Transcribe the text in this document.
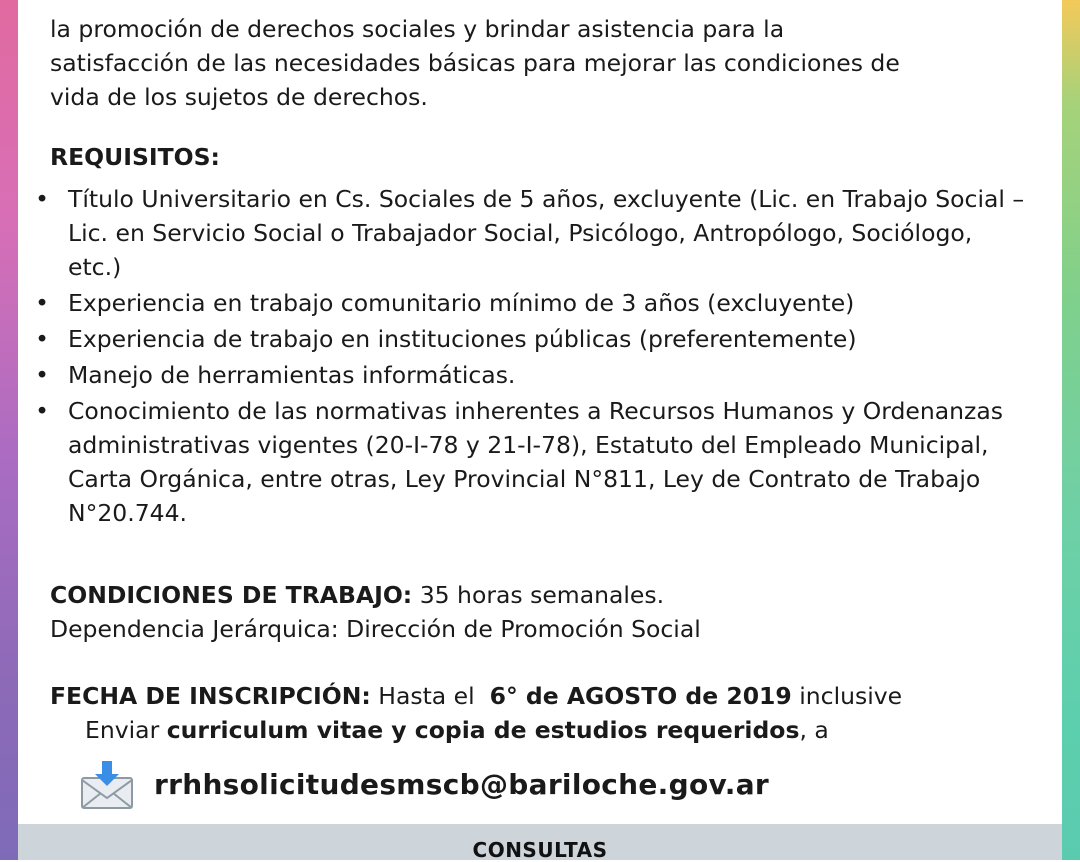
la promoción de derechos sociales y brindar asistencia para la
satisfacción de las necesidades básicas para mejorar las condiciones de
vida de los sujetos de derechos.
REQUISITOS:
• Título Universitario en Cs. Sociales de 5 años, excluyente (Lic. en Trabajo Social – Lic. en Servicio Social o Trabajador Social, Psicólogo, Antropólogo, Sociólogo, etc.)
• Experiencia en trabajo comunitario mínimo de 3 años (excluyente)
• Experiencia de trabajo en instituciones públicas (preferentemente)
• Manejo de herramientas informáticas.
• Conocimiento de las normativas inherentes a Recursos Humanos y Ordenanzas administrativas vigentes (20-I-78 y 21-I-78), Estatuto del Empleado Municipal, Carta Orgánica, entre otras, Ley Provincial N°811, Ley de Contrato de Trabajo N°20.744.
CONDICIONES DE TRABAJO: 35 horas semanales.
Dependencia Jerárquica: Dirección de Promoción Social
FECHA DE INSCRIPCIÓN: Hasta el  6° de AGOSTO de 2019 inclusive
Enviar curriculum vitae y copia de estudios requeridos, a
rrhhsolicitudesmscb@bariloche.gov.ar
CONSULTAS
